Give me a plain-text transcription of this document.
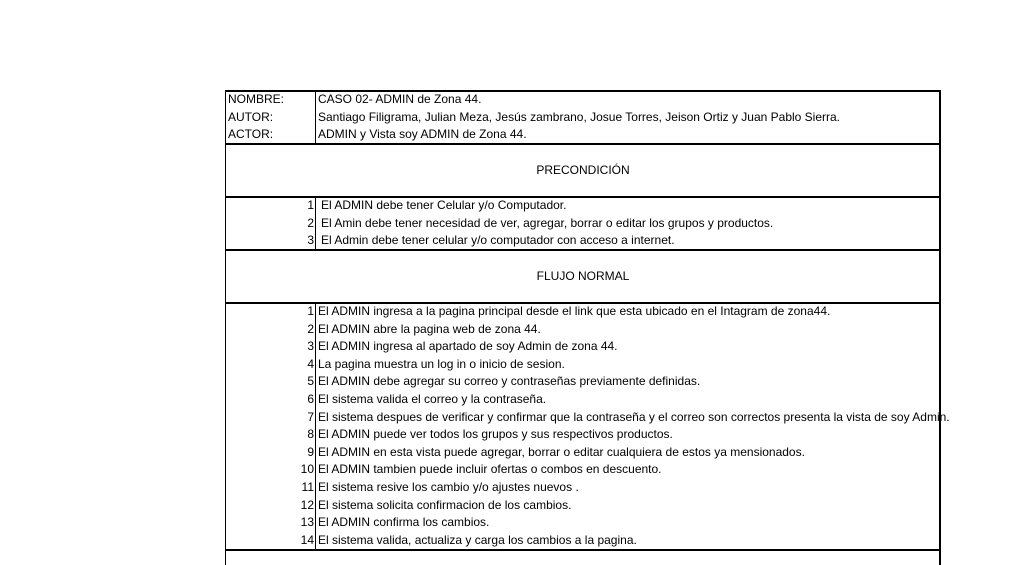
NOMBRE:	CASO 02- ADMIN de Zona 44.
AUTOR:	Santiago Filigrama, Julian Meza, Jesús zambrano, Josue Torres, Jeison Ortiz y Juan Pablo Sierra.
ACTOR:	ADMIN y Vista soy ADMIN de Zona 44.
PRECONDICIÓN
1 El ADMIN debe tener Celular y/o Computador.
2 El Amin debe tener necesidad de ver, agregar, borrar o editar los grupos y productos.
3 El Admin debe tener celular y/o computador con acceso a internet.
FLUJO NORMAL
1 El ADMIN ingresa a la pagina principal desde el link que esta ubicado en el Intagram de zona44.
2 El ADMIN abre la pagina web de zona 44.
3 El ADMIN ingresa al apartado de soy Admin de zona 44.
4 La pagina muestra un log in o inicio de sesion.
5 El ADMIN debe agregar su correo y contraseñas previamente definidas.
6 El sistema valida el correo y la contraseña.
7 El sistema despues de verificar y confirmar que la contraseña y el correo son correctos presenta la vista de soy Admin.
8 El ADMIN puede ver todos los grupos y sus respectivos productos.
9 El ADMIN en esta vista puede agregar, borrar o editar cualquiera de estos ya mensionados.
10 El ADMIN tambien puede incluir ofertas o combos en descuento.
11 El sistema resive los cambio y/o ajustes nuevos .
12 El sistema solicita confirmacion de los cambios.
13 El ADMIN confirma los cambios.
14 El sistema valida, actualiza y carga los cambios a la pagina.
